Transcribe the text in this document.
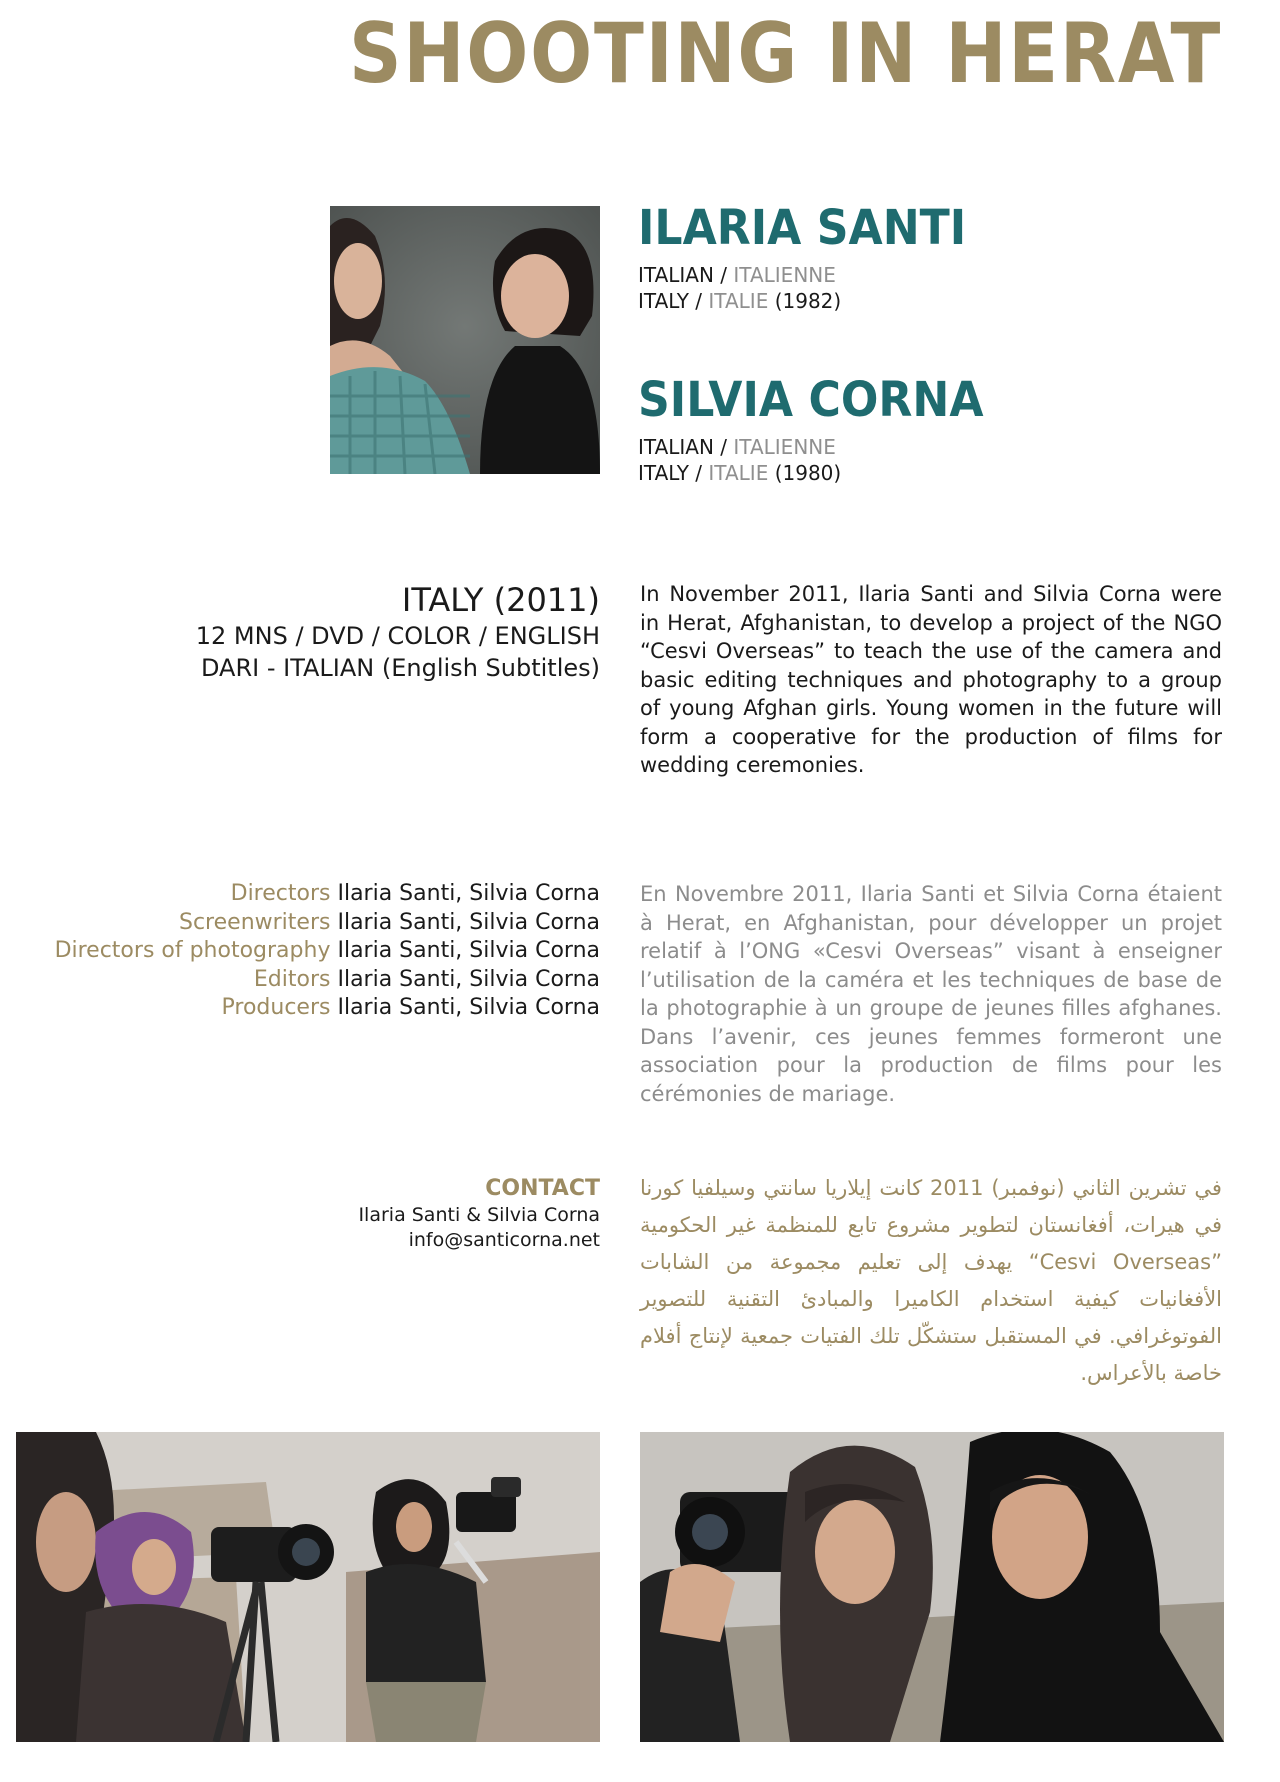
SHOOTING IN HERAT
ILARIA SANTI
ITALIAN / ITALIENNE
ITALY / ITALIE (1982)
SILVIA CORNA
ITALIAN / ITALIENNE
ITALY / ITALIE (1980)
ITALY (2011)
12 MNS / DVD / COLOR / ENGLISH
DARI - ITALIAN (English Subtitles)

In November 2011, Ilaria Santi and Silvia Corna were in Herat, Afghanistan, to develop a project of the NGO “Cesvi Overseas” to teach the use of the camera and basic editing techniques and photography to a group of young Afghan girls. Young women in the future will form a cooperative for the production of films for wedding ceremonies.

En Novembre 2011, Ilaria Santi et Silvia Corna étaient à Herat, en Afghanistan, pour développer un projet relatif à l’ONG «Cesvi Overseas” visant à enseigner l’utilisation de la caméra et les techniques de base de la photographie à un groupe de jeunes filles afghanes. Dans l’avenir, ces jeunes femmes formeront une association pour la production de films pour les cérémonies de mariage.

في تشرين الثاني (نوفمبر) 2011 كانت إيلاريا سانتي وسيلفيا كورنا في هيرات، أفغانستان لتطوير مشروع تابع للمنظمة غير الحكومية ”Cesvi Overseas“ يهدف إلى تعليم مجموعة من الشابات الأفغانيات كيفية استخدام الكاميرا والمبادئ التقنية للتصوير الفوتوغرافي. في المستقبل ستشكّل تلك الفتيات جمعية لإنتاج أفلام خاصة بالأعراس.

Directors Ilaria Santi, Silvia Corna
Screenwriters Ilaria Santi, Silvia Corna
Directors of photography Ilaria Santi, Silvia Corna
Editors Ilaria Santi, Silvia Corna
Producers Ilaria Santi, Silvia Corna
CONTACT
Ilaria Santi & Silvia Corna
info@santicorna.net
